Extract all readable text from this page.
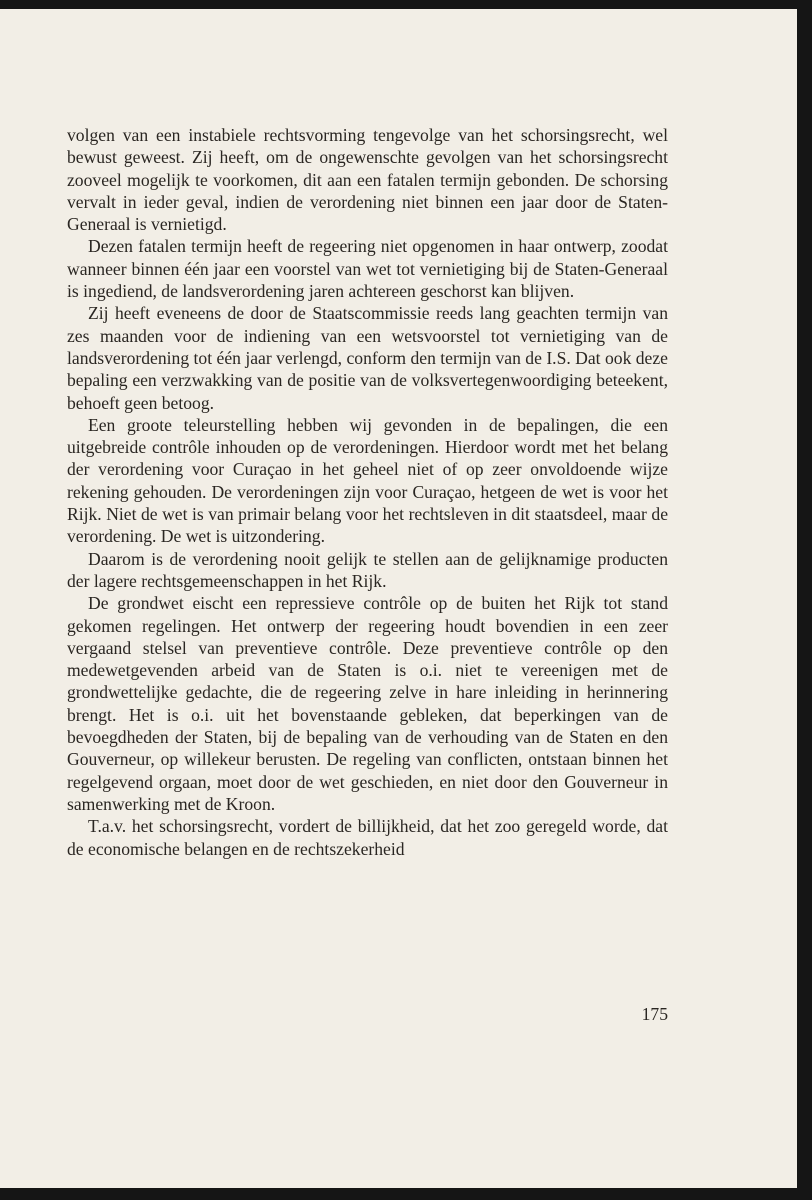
volgen van een instabiele rechtsvorming tengevolge van het schorsingsrecht, wel bewust geweest. Zij heeft, om de ongewenschte gevolgen van het schorsingsrecht zooveel mogelijk te voorkomen, dit aan een fatalen termijn gebonden. De schorsing vervalt in ieder geval, indien de verordening niet binnen een jaar door de Staten-Generaal is vernietigd.

Dezen fatalen termijn heeft de regeering niet opgenomen in haar ontwerp, zoodat wanneer binnen één jaar een voorstel van wet tot vernietiging bij de Staten-Generaal is ingediend, de landsverordening jaren achtereen geschorst kan blijven.

Zij heeft eveneens de door de Staatscommissie reeds lang geachten termijn van zes maanden voor de indiening van een wetsvoorstel tot vernietiging van de landsverordening tot één jaar verlengd, conform den termijn van de I.S. Dat ook deze bepaling een verzwakking van de positie van de volksvertegenwoordiging beteekent, behoeft geen betoog.

Een groote teleurstelling hebben wij gevonden in de bepalingen, die een uitgebreide contrôle inhouden op de verordeningen. Hierdoor wordt met het belang der verordening voor Curaçao in het geheel niet of op zeer onvoldoende wijze rekening gehouden. De verordeningen zijn voor Curaçao, hetgeen de wet is voor het Rijk. Niet de wet is van primair belang voor het rechtsleven in dit staatsdeel, maar de verordening. De wet is uitzondering.

Daarom is de verordening nooit gelijk te stellen aan de gelijknamige producten der lagere rechtsgemeenschappen in het Rijk.

De grondwet eischt een repressieve contrôle op de buiten het Rijk tot stand gekomen regelingen. Het ontwerp der regeering houdt bovendien in een zeer vergaand stelsel van preventieve contrôle. Deze preventieve contrôle op den medewetgevenden arbeid van de Staten is o.i. niet te vereenigen met de grondwettelijke gedachte, die de regeering zelve in hare inleiding in herinnering brengt. Het is o.i. uit het bovenstaande gebleken, dat beperkingen van de bevoegdheden der Staten, bij de bepaling van de verhouding van de Staten en den Gouverneur, op willekeur berusten. De regeling van conflicten, ontstaan binnen het regelgevend orgaan, moet door de wet geschieden, en niet door den Gouverneur in samenwerking met de Kroon.

T.a.v. het schorsingsrecht, vordert de billijkheid, dat het zoo geregeld worde, dat de economische belangen en de rechtszekerheid

175
